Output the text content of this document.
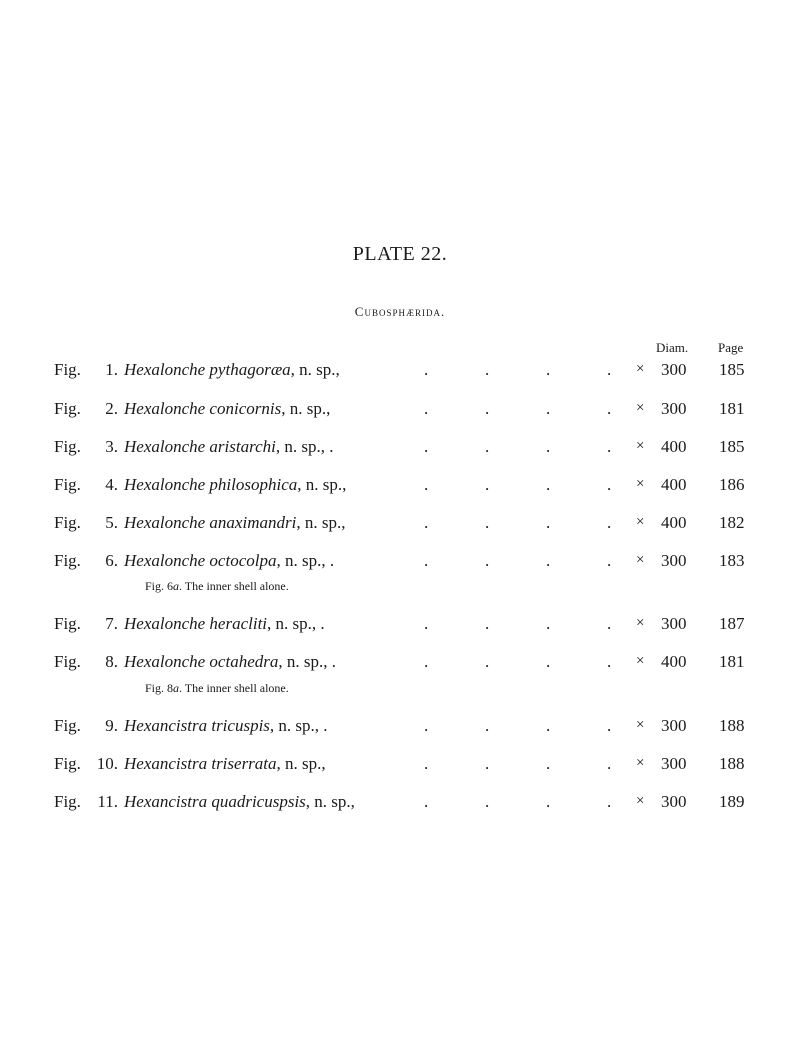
PLATE 22.
Cubosphærida.
Diam. Page
Fig.	1. Hexalonche pythagoræa, n. sp.,	.	.	.	. × 300 185
Fig.	2. Hexalonche conicornis, n. sp.,	.	.	.	. × 300 181
Fig.	3. Hexalonche aristarchi, n. sp., .	.	.	.	. × 400 185
Fig.	4. Hexalonche philosophica, n. sp.,	.	.	.	. × 400 186
Fig.	5. Hexalonche anaximandri, n. sp.,	.	.	.	. × 400 182
Fig.	6. Hexalonche octocolpa, n. sp., .	.	.	.	. × 300 183
Fig. 6a. The inner shell alone.
Fig.	7. Hexalonche heracliti, n. sp., .	.	.	.	. × 300 187
Fig.	8. Hexalonche octahedra, n. sp., .	.	.	.	. × 400 181
Fig. 8a. The inner shell alone.
Fig.	9. Hexancistra tricuspis, n. sp., .	.	.	.	. × 300 188
Fig. 10. Hexancistra triserrata, n. sp.,	.	.	.	. × 300 188
Fig. 11. Hexancistra quadricuspsis, n. sp.,	.	.	.	. × 300 189
